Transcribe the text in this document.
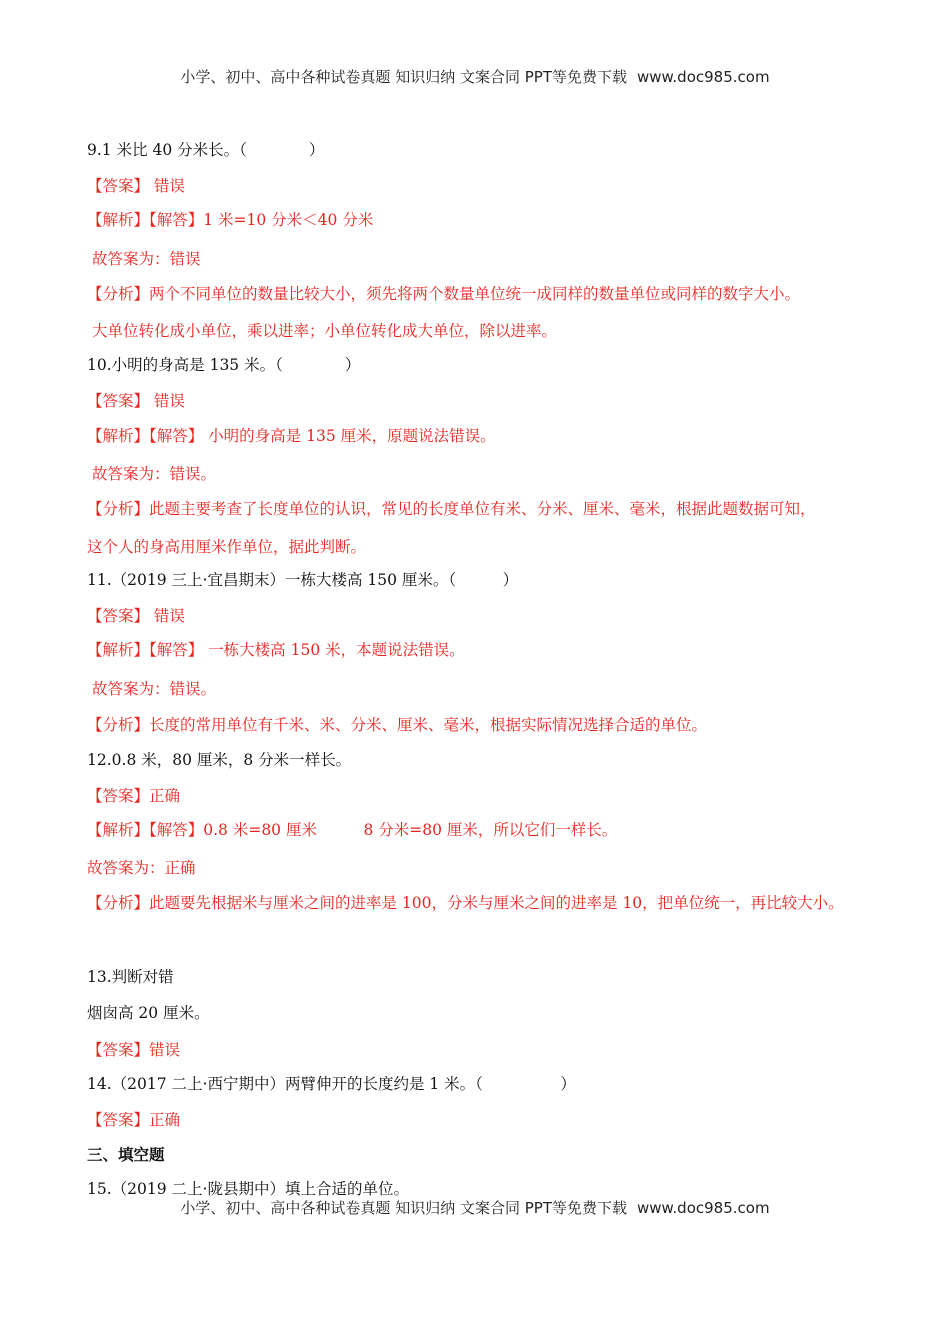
小学、初中、高中各种试卷真题 知识归纳 文案合同 PPT等免费下载 www.doc985.com
9.1 米比 40 分米长。（　　　　）
【答案】 错误
【解析】【解答】1 米=10 分米＜40 分米
故答案为：错误
【分析】两个不同单位的数量比较大小，须先将两个数量单位统一成同样的数量单位或同样的数字大小。
大单位转化成小单位，乘以进率；小单位转化成大单位，除以进率。
10.小明的身高是 135 米。（　　　　）
【答案】 错误
【解析】【解答】 小明的身高是 135 厘米，原题说法错误。
故答案为：错误。
【分析】此题主要考查了长度单位的认识，常见的长度单位有米、分米、厘米、毫米，根据此题数据可知，
这个人的身高用厘米作单位，据此判断。
11.（2019 三上·宜昌期末）一栋大楼高 150 厘米。（　　　）
【答案】 错误
【解析】【解答】 一栋大楼高 150 米，本题说法错误。
故答案为：错误。
【分析】长度的常用单位有千米、米、分米、厘米、毫米，根据实际情况选择合适的单位。
12.0.8 米，80 厘米，8 分米一样长。
【答案】正确
【解析】【解答】0.8 米=80 厘米　　　8 分米=80 厘米，所以它们一样长。
故答案为：正确
【分析】此题要先根据米与厘米之间的进率是 100，分米与厘米之间的进率是 10，把单位统一，再比较大小。
13.判断对错
烟囱高 20 厘米。
【答案】错误
14.（2017 二上·西宁期中）两臂伸开的长度约是 1 米。（　　　　　）
【答案】正确
三、填空题
15.（2019 二上·陇县期中）填上合适的单位。
小学、初中、高中各种试卷真题 知识归纳 文案合同 PPT等免费下载 www.doc985.com
